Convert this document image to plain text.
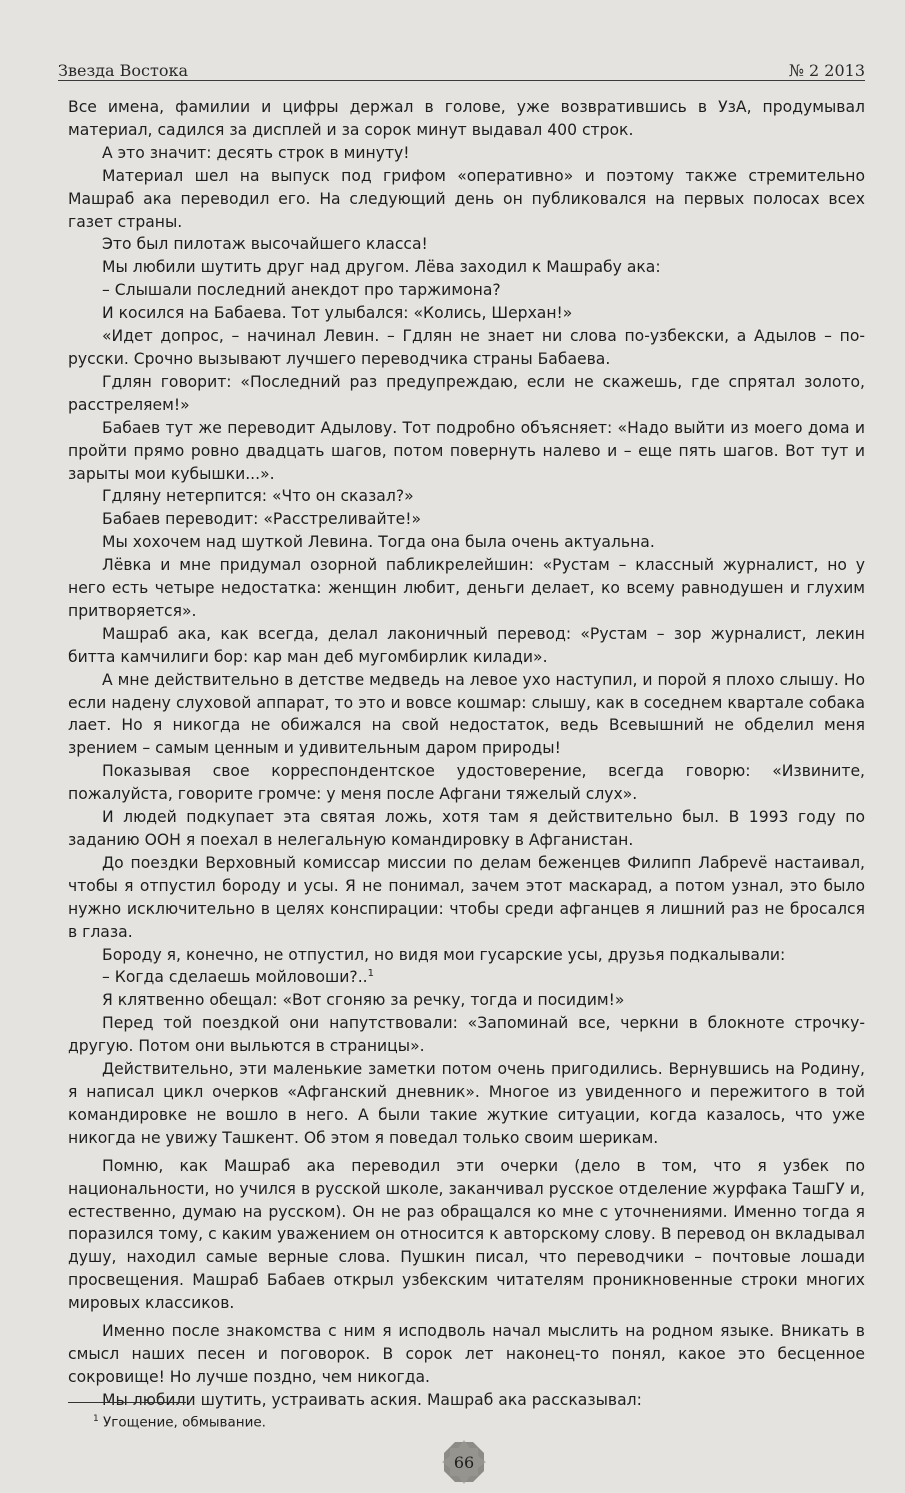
Звезда Востока	№ 2 2013

Все имена, фамилии и цифры держал в голове, уже возвратившись в УзА, продумывал материал, садился за дисплей и за сорок минут выдавал 400 строк.

А это значит: десять строк в минуту!

Материал шел на выпуск под грифом «оперативно» и поэтому также стремительно Машраб ака переводил его. На следующий день он публиковался на первых полосах всех газет страны.

Это был пилотаж высочайшего класса!

Мы любили шутить друг над другом. Лёва заходил к Машрабу ака:

– Слышали последний анекдот про таржимона?

И косился на Бабаева. Тот улыбался: «Колись, Шерхан!»

«Идет допрос, – начинал Левин. – Гдлян не знает ни слова по-узбекски, а Адылов – по-русски. Срочно вызывают лучшего переводчика страны Бабаева.

Гдлян говорит: «Последний раз предупреждаю, если не скажешь, где спрятал золото, расстреляем!»

Бабаев тут же переводит Адылову. Тот подробно объясняет: «Надо выйти из моего дома и пройти прямо ровно двадцать шагов, потом повернуть налево и – еще пять шагов. Вот тут и зарыты мои кубышки...».

Гдляну нетерпится: «Что он сказал?»

Бабаев переводит: «Расстреливайте!»

Мы хохочем над шуткой Левина. Тогда она была очень актуальна.

Лёвка и мне придумал озорной пабликрелейшин: «Рустам – классный журналист, но у него есть четыре недостатка: женщин любит, деньги делает, ко всему равнодушен и глухим притворяется».

Машраб ака, как всегда, делал лаконичный перевод: «Рустам – зор журналист, лекин битта камчилиги бор: кар ман деб мугомбирлик килади».

А мне действительно в детстве медведь на левое ухо наступил, и порой я плохо слышу. Но если надену слуховой аппарат, то это и вовсе кошмар: слышу, как в соседнем квартале собака лает. Но я никогда не обижался на свой недостаток, ведь Всевышний не обделил меня зрением – самым ценным и удивительным даром природы!

Показывая свое корреспондентское удостоверение, всегда говорю: «Извините, пожалуйста, говорите громче: у меня после Афгани тяжелый слух».

И людей подкупает эта святая ложь, хотя там я действительно был. В 1993 году по заданию ООН я поехал в нелегальную командировку в Афганистан.

До поездки Верховный комиссар миссии по делам беженцев Филипп Лабреvё настаивал, чтобы я отпустил бороду и усы. Я не понимал, зачем этот маскарад, а потом узнал, это было нужно исключительно в целях конспирации: чтобы среди афганцев я лишний раз не бросался в глаза.

Бороду я, конечно, не отпустил, но видя мои гусарские усы, друзья подкалывали:

– Когда сделаешь мойловоши?..$^1$

Я клятвенно обещал: «Вот сгоняю за речку, тогда и посидим!»

Перед той поездкой они напутствовали: «Запоминай все, черкни в блокноте строчку-другую. Потом они выльются в страницы».

Действительно, эти маленькие заметки потом очень пригодились. Вернувшись на Родину, я написал цикл очерков «Афганский дневник». Многое из увиденного и пережитого в той командировке не вошло в него. А были такие жуткие ситуации, когда казалось, что уже никогда не увижу Ташкент. Об этом я поведал только своим шерикам.

Помню, как Машраб ака переводил эти очерки (дело в том, что я узбек по национальности, но учился в русской школе, заканчивал русское отделение журфака ТашГУ и, естественно, думаю на русском). Он не раз обращался ко мне с уточнениями. Именно тогда я поразился тому, с каким уважением он относится к авторскому слову. В перевод он вкладывал душу, находил самые верные слова. Пушкин писал, что переводчики – почтовые лошади просвещения. Машраб Бабаев открыл узбекским читателям проникновенные строки многих мировых классиков.

Именно после знакомства с ним я исподволь начал мыслить на родном языке. Вникать в смысл наших песен и поговорок. В сорок лет наконец-то понял, какое это бесценное сокровище! Но лучше поздно, чем никогда.

Мы любили шутить, устраивать аския. Машраб ака рассказывал:

$^1$ Угощение, обмывание.
66
